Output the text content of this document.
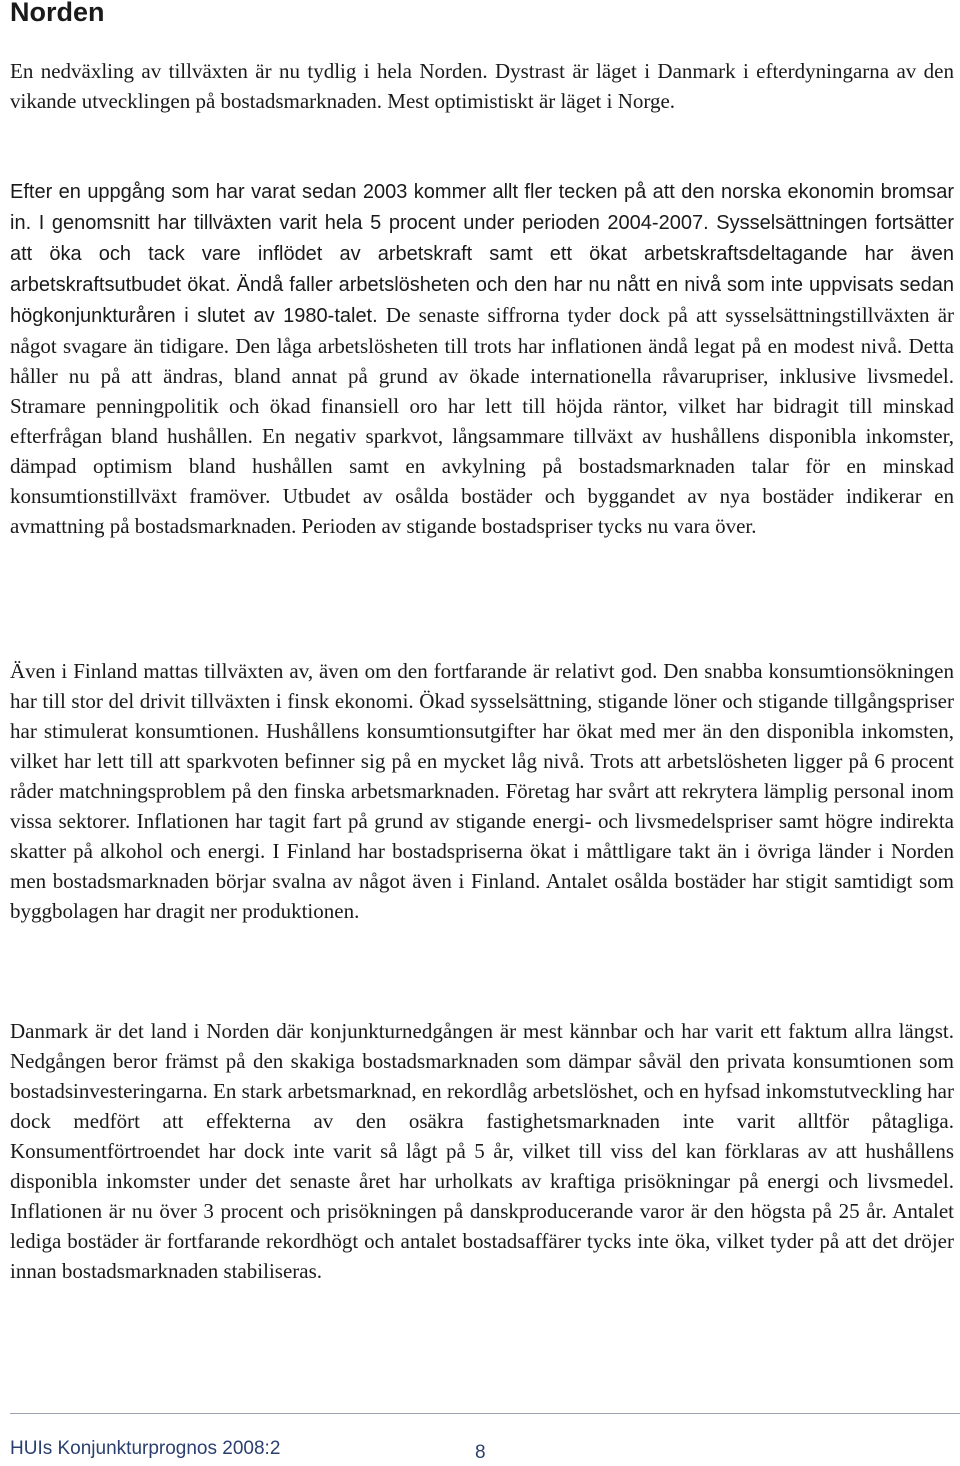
Norden

En nedväxling av tillväxten är nu tydlig i hela Norden. Dystrast är läget i Danmark i efterdyningarna av den vikande utvecklingen på bostadsmarknaden. Mest optimistiskt är läget i Norge.

Efter en uppgång som har varat sedan 2003 kommer allt fler tecken på att den norska ekonomin bromsar in. I genomsnitt har tillväxten varit hela 5 procent under perioden 2004-2007. Sysselsättningen fortsätter att öka och tack vare inflödet av arbetskraft samt ett ökat arbetskraftsdeltagande har även arbetskraftsutbudet ökat. Ändå faller arbetslösheten och den har nu nått en nivå som inte uppvisats sedan högkonjunkturåren i slutet av 1980-talet. De senaste siffrorna tyder dock på att sysselsättningstillväxten är något svagare än tidigare. Den låga arbetslösheten till trots har inflationen ändå legat på en modest nivå. Detta håller nu på att ändras, bland annat på grund av ökade internationella råvarupriser, inklusive livsmedel. Stramare penningpolitik och ökad finansiell oro har lett till höjda räntor, vilket har bidragit till minskad efterfrågan bland hushållen. En negativ sparkvot, långsammare tillväxt av hushållens disponibla inkomster, dämpad optimism bland hushållen samt en avkylning på bostadsmarknaden talar för en minskad konsumtionstillväxt framöver. Utbudet av osålda bostäder och byggandet av nya bostäder indikerar en avmattning på bostadsmarknaden. Perioden av stigande bostadspriser tycks nu vara över.

Även i Finland mattas tillväxten av, även om den fortfarande är relativt god. Den snabba konsumtionsökningen har till stor del drivit tillväxten i finsk ekonomi. Ökad sysselsättning, stigande löner och stigande tillgångspriser har stimulerat konsumtionen. Hushållens konsumtionsutgifter har ökat med mer än den disponibla inkomsten, vilket har lett till att sparkvoten befinner sig på en mycket låg nivå. Trots att arbetslösheten ligger på 6 procent råder matchningsproblem på den finska arbetsmarknaden. Företag har svårt att rekrytera lämplig personal inom vissa sektorer. Inflationen har tagit fart på grund av stigande energi- och livsmedelspriser samt högre indirekta skatter på alkohol och energi. I Finland har bostadspriserna ökat i måttligare takt än i övriga länder i Norden men bostadsmarknaden börjar svalna av något även i Finland. Antalet osålda bostäder har stigit samtidigt som byggbolagen har dragit ner produktionen.

Danmark är det land i Norden där konjunkturnedgången är mest kännbar och har varit ett faktum allra längst. Nedgången beror främst på den skakiga bostadsmarknaden som dämpar såväl den privata konsumtionen som bostadsinvesteringarna. En stark arbetsmarknad, en rekordlåg arbetslöshet, och en hyfsad inkomstutveckling har dock medfört att effekterna av den osäkra fastighetsmarknaden inte varit alltför påtagliga. Konsumentförtroendet har dock inte varit så lågt på 5 år, vilket till viss del kan förklaras av att hushållens disponibla inkomster under det senaste året har urholkats av kraftiga prisökningar på energi och livsmedel. Inflationen är nu över 3 procent och prisökningen på danskproducerande varor är den högsta på 25 år. Antalet lediga bostäder är fortfarande rekordhögt och antalet bostadsaffärer tycks inte öka, vilket tyder på att det dröjer innan bostadsmarknaden stabiliseras.

HUIs Konjunkturprognos 2008:2	8
